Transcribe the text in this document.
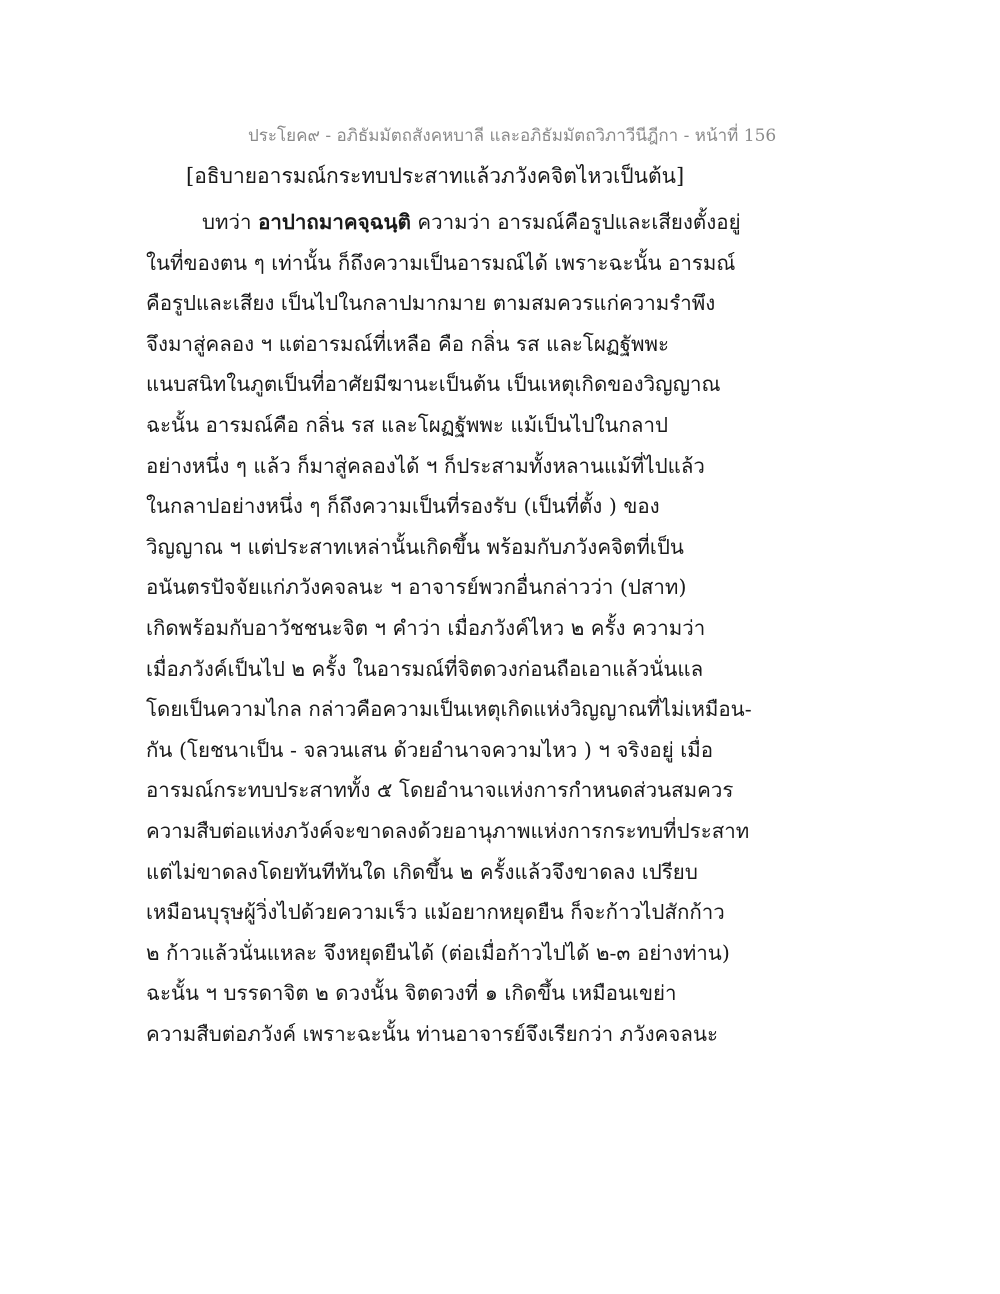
ประโยค๙ - อภิธัมมัตถสังคหบาลี และอภิธัมมัตถวิภาวีนีฎีกา - หน้าที่ 156
[อธิบายอารมณ์กระทบประสาทแล้วภวังคจิตไหวเป็นต้น]
บทว่า อาปาถมาคจฺฉนฺติ ความว่า อารมณ์คือรูปและเสียงตั้งอยู่
ในที่ของตน ๆ เท่านั้น ก็ถึงความเป็นอารมณ์ได้ เพราะฉะนั้น อารมณ์
คือรูปและเสียง เป็นไปในกลาปมากมาย ตามสมควรแก่ความรำพึง
จึงมาสู่คลอง ฯ แต่อารมณ์ที่เหลือ คือ กลิ่น รส และโผฏฐัพพะ
แนบสนิทในภูตเป็นที่อาศัยมีฆานะเป็นต้น เป็นเหตุเกิดของวิญญาณ
ฉะนั้น อารมณ์คือ กลิ่น รส และโผฏฐัพพะ แม้เป็นไปในกลาป
อย่างหนึ่ง ๆ แล้ว ก็มาสู่คลองได้ ฯ ก็ประสามทั้งหลานแม้ที่ไปแล้ว
ในกลาปอย่างหนึ่ง ๆ ก็ถึงความเป็นที่รองรับ (เป็นที่ตั้ง ) ของ
วิญญาณ ฯ แต่ประสาทเหล่านั้นเกิดขึ้น พร้อมกับภวังคจิตที่เป็น
อนันตรปัจจัยแก่ภวังคจลนะ ฯ อาจารย์พวกอื่นกล่าวว่า (ปสาท)
เกิดพร้อมกับอาวัชชนะจิต ฯ คำว่า เมื่อภวังค์ไหว ๒ ครั้ง ความว่า
เมื่อภวังค์เป็นไป ๒ ครั้ง ในอารมณ์ที่จิตดวงก่อนถือเอาแล้วนั่นแล
โดยเป็นความไกล กล่าวคือความเป็นเหตุเกิดแห่งวิญญาณที่ไม่เหมือน-
กัน (โยชนาเป็น - จลวนเสน ด้วยอำนาจความไหว ) ฯ จริงอยู่ เมื่อ
อารมณ์กระทบประสาททั้ง ๕ โดยอำนาจแห่งการกำหนดส่วนสมควร
ความสืบต่อแห่งภวังค์จะขาดลงด้วยอานุภาพแห่งการกระทบที่ประสาท
แต่ไม่ขาดลงโดยทันทีทันใด เกิดขึ้น ๒ ครั้งแล้วจึงขาดลง เปรียบ
เหมือนบุรุษผู้วิ่งไปด้วยความเร็ว แม้อยากหยุดยืน ก็จะก้าวไปสักก้าว
๒ ก้าวแล้วนั่นแหละ จึงหยุดยืนได้ (ต่อเมื่อก้าวไปได้ ๒-๓ อย่างท่าน)
ฉะนั้น ฯ บรรดาจิต ๒ ดวงนั้น จิตดวงที่ ๑ เกิดขึ้น เหมือนเขย่า
ความสืบต่อภวังค์ เพราะฉะนั้น ท่านอาจารย์จึงเรียกว่า ภวังคจลนะ
